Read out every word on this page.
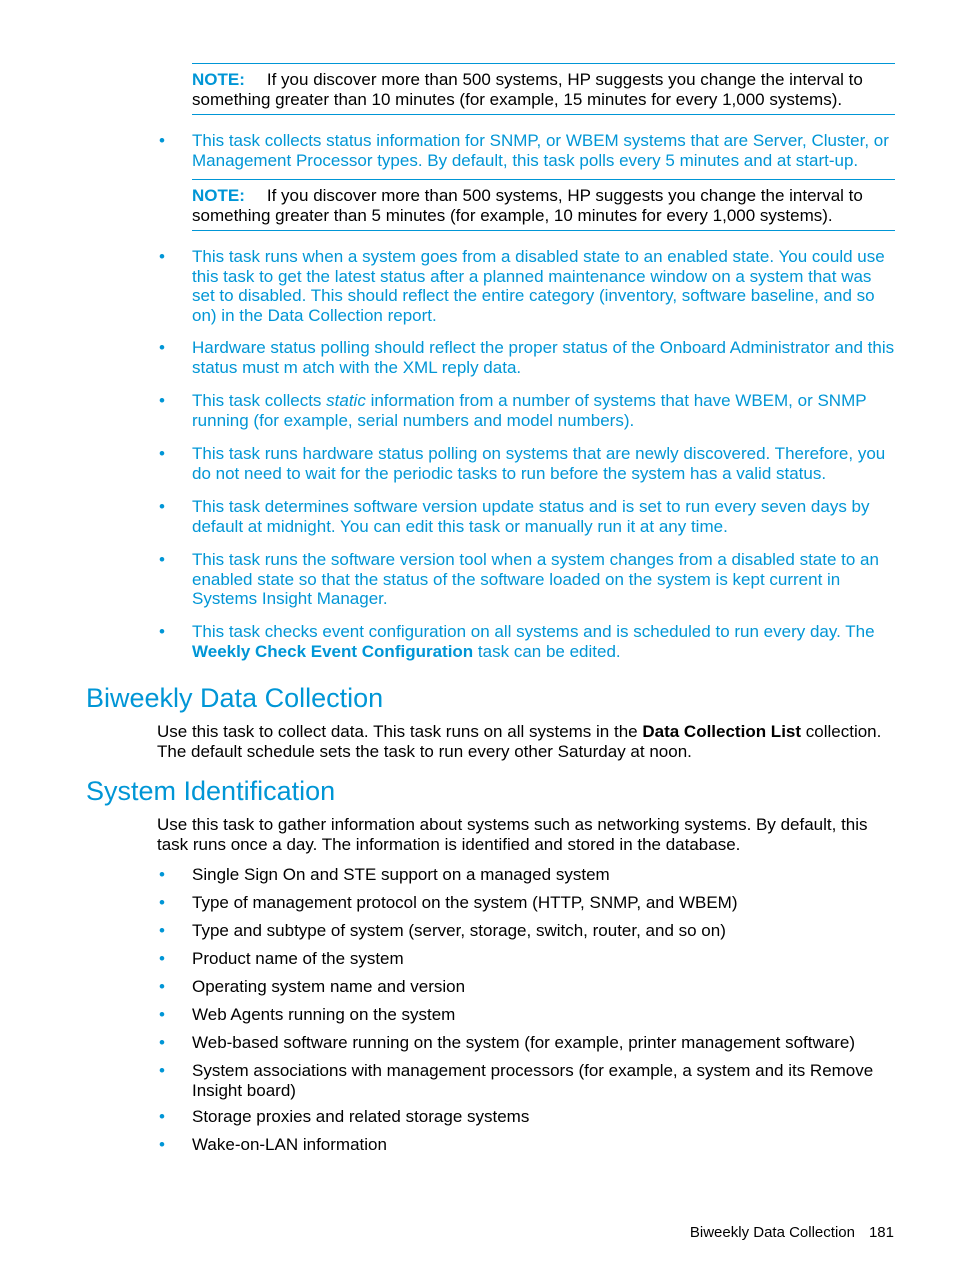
NOTE: If you discover more than 500 systems, HP suggests you change the interval to something greater than 10 minutes (for example, 15 minutes for every 1,000 systems).
• This task collects status information for SNMP, or WBEM systems that are Server, Cluster, or Management Processor types. By default, this task polls every 5 minutes and at start-up.
NOTE: If you discover more than 500 systems, HP suggests you change the interval to something greater than 5 minutes (for example, 10 minutes for every 1,000 systems).
• This task runs when a system goes from a disabled state to an enabled state. You could use this task to get the latest status after a planned maintenance window on a system that was set to disabled. This should reflect the entire category (inventory, software baseline, and so on) in the Data Collection report.
• Hardware status polling should reflect the proper status of the Onboard Administrator and this status must m atch with the XML reply data.
• This task collects static information from a number of systems that have WBEM, or SNMP running (for example, serial numbers and model numbers).
• This task runs hardware status polling on systems that are newly discovered. Therefore, you do not need to wait for the periodic tasks to run before the system has a valid status.
• This task determines software version update status and is set to run every seven days by default at midnight. You can edit this task or manually run it at any time.
• This task runs the software version tool when a system changes from a disabled state to an enabled state so that the status of the software loaded on the system is kept current in Systems Insight Manager.
• This task checks event configuration on all systems and is scheduled to run every day. The Weekly Check Event Configuration task can be edited.
Biweekly Data Collection
Use this task to collect data. This task runs on all systems in the Data Collection List collection. The default schedule sets the task to run every other Saturday at noon.
System Identification
Use this task to gather information about systems such as networking systems. By default, this task runs once a day. The information is identified and stored in the database.
• Single Sign On and STE support on a managed system
• Type of management protocol on the system (HTTP, SNMP, and WBEM)
• Type and subtype of system (server, storage, switch, router, and so on)
• Product name of the system
• Operating system name and version
• Web Agents running on the system
• Web-based software running on the system (for example, printer management software)
• System associations with management processors (for example, a system and its Remove Insight board)
• Storage proxies and related storage systems
• Wake-on-LAN information
Biweekly Data Collection 181
